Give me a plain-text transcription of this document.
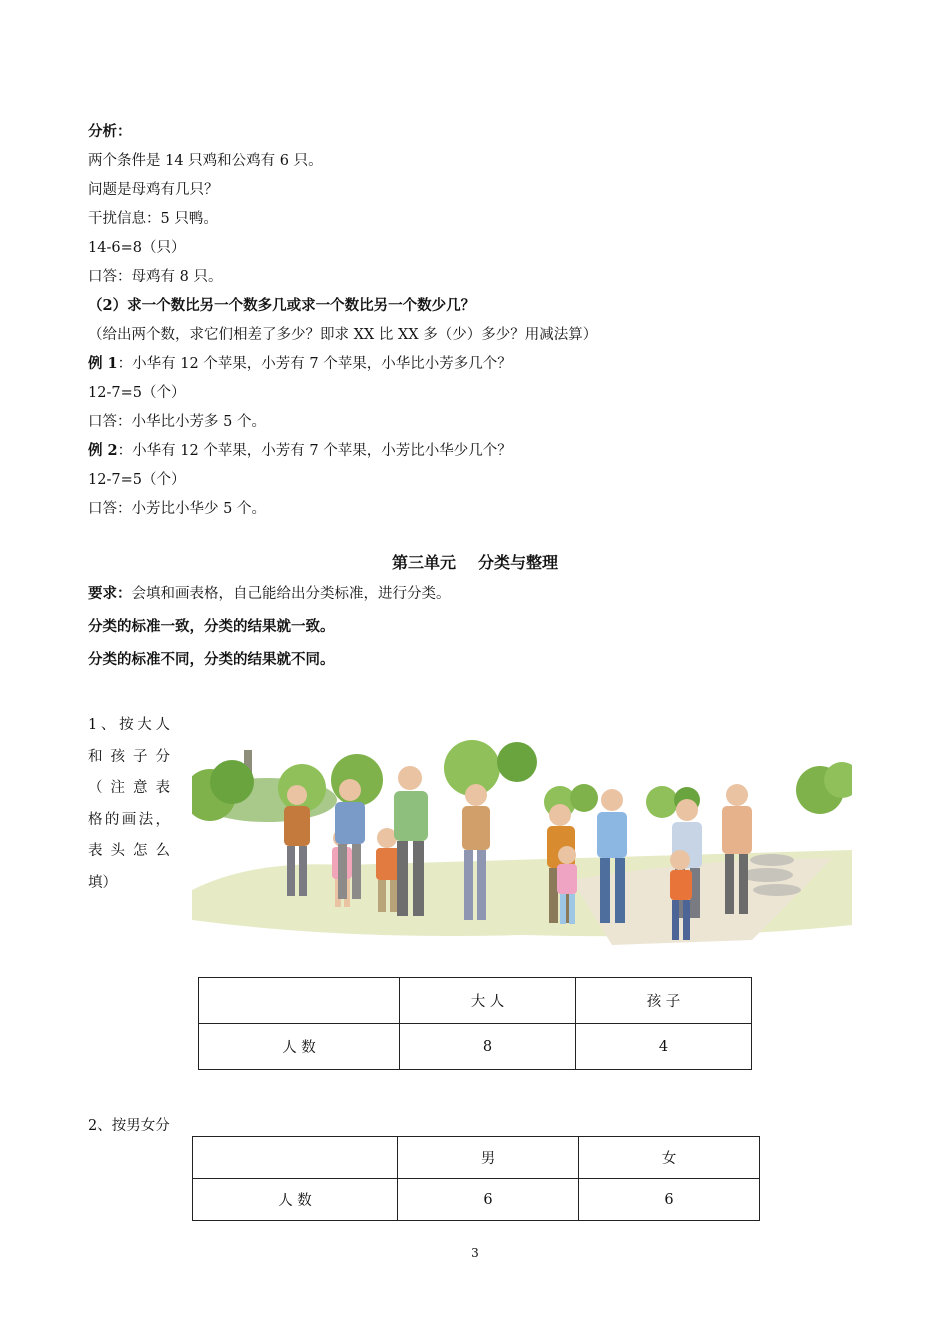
分析：
两个条件是 14 只鸡和公鸡有 6 只。
问题是母鸡有几只？
干扰信息：5 只鸭。
14-6=8（只）
口答：母鸡有 8 只。
（2）求一个数比另一个数多几或求一个数比另一个数少几？
（给出两个数，求它们相差了多少？即求 XX 比 XX 多（少）多少？用减法算）
例 1：小华有 12 个苹果，小芳有 7 个苹果，小华比小芳多几个？
12-7=5（个）
口答：小华比小芳多 5 个。
例 2：小华有 12 个苹果，小芳有 7 个苹果，小芳比小华少几个？
12-7=5（个）
口答：小芳比小华少 5 个。
第三单元 分类与整理
要求：会填和画表格，自己能给出分类标准，进行分类。
分类的标准一致，分类的结果就一致。
分类的标准不同，分类的结果就不同。
1、按大人
和孩子分
（注意表
格的画法，
表头怎么
填）
	大 人	孩 子
人 数	8	4
2、按男女分
	男	女
人 数	6	6
3
